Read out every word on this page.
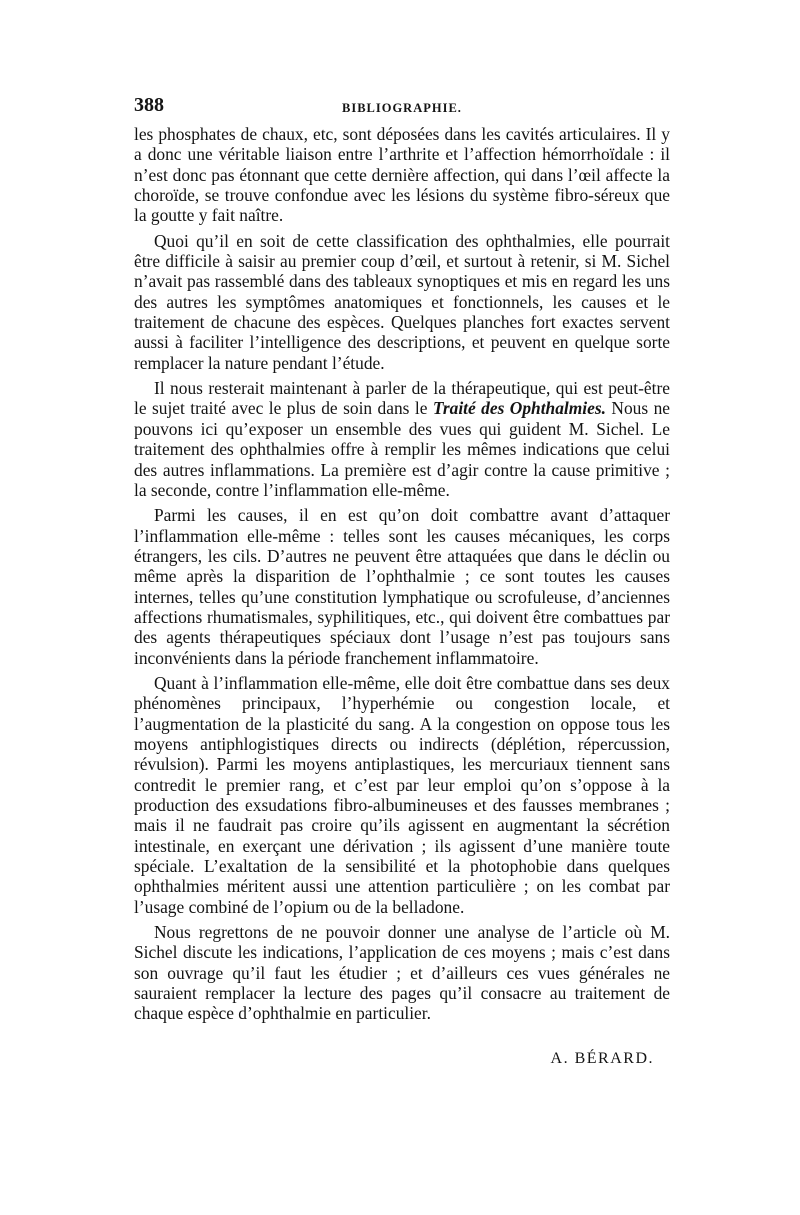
388	BIBLIOGRAPHIE.

les phosphates de chaux, etc, sont déposées dans les cavités articulaires. Il y a donc une véritable liaison entre l’arthrite et l’affection hémorrhoïdale : il n’est donc pas étonnant que cette dernière affection, qui dans l’œil affecte la choroïde, se trouve confondue avec les lésions du système fibro-séreux que la goutte y fait naître.

Quoi qu’il en soit de cette classification des ophthalmies, elle pourrait être difficile à saisir au premier coup d’œil, et surtout à retenir, si M. Sichel n’avait pas rassemblé dans des tableaux synoptiques et mis en regard les uns des autres les symptômes anatomiques et fonctionnels, les causes et le traitement de chacune des espèces. Quelques planches fort exactes servent aussi à faciliter l’intelligence des descriptions, et peuvent en quelque sorte remplacer la nature pendant l’étude.

Il nous resterait maintenant à parler de la thérapeutique, qui est peut-être le sujet traité avec le plus de soin dans le Traité des Ophthalmies. Nous ne pouvons ici qu’exposer un ensemble des vues qui guident M. Sichel. Le traitement des ophthalmies offre à remplir les mêmes indications que celui des autres inflammations. La première est d’agir contre la cause primitive ; la seconde, contre l’inflammation elle-même.

Parmi les causes, il en est qu’on doit combattre avant d’attaquer l’inflammation elle-même : telles sont les causes mécaniques, les corps étrangers, les cils. D’autres ne peuvent être attaquées que dans le déclin ou même après la disparition de l’ophthalmie ; ce sont toutes les causes internes, telles qu’une constitution lymphatique ou scrofuleuse, d’anciennes affections rhumatismales, syphilitiques, etc., qui doivent être combattues par des agents thérapeutiques spéciaux dont l’usage n’est pas toujours sans inconvénients dans la période franchement inflammatoire.

Quant à l’inflammation elle-même, elle doit être combattue dans ses deux phénomènes principaux, l’hyperhémie ou congestion locale, et l’augmentation de la plasticité du sang. A la congestion on oppose tous les moyens antiphlogistiques directs ou indirects (déplétion, répercussion, révulsion). Parmi les moyens antiplastiques, les mercuriaux tiennent sans contredit le premier rang, et c’est par leur emploi qu’on s’oppose à la production des exsudations fibro-albumineuses et des fausses membranes ; mais il ne faudrait pas croire qu’ils agissent en augmentant la sécrétion intestinale, en exerçant une dérivation ; ils agissent d’une manière toute spéciale. L’exaltation de la sensibilité et la photophobie dans quelques ophthalmies méritent aussi une attention particulière ; on les combat par l’usage combiné de l’opium ou de la belladone.

Nous regrettons de ne pouvoir donner une analyse de l’article où M. Sichel discute les indications, l’application de ces moyens ; mais c’est dans son ouvrage qu’il faut les étudier ; et d’ailleurs ces vues générales ne sauraient remplacer la lecture des pages qu’il consacre au traitement de chaque espèce d’ophthalmie en particulier.

A. BÉRARD.
